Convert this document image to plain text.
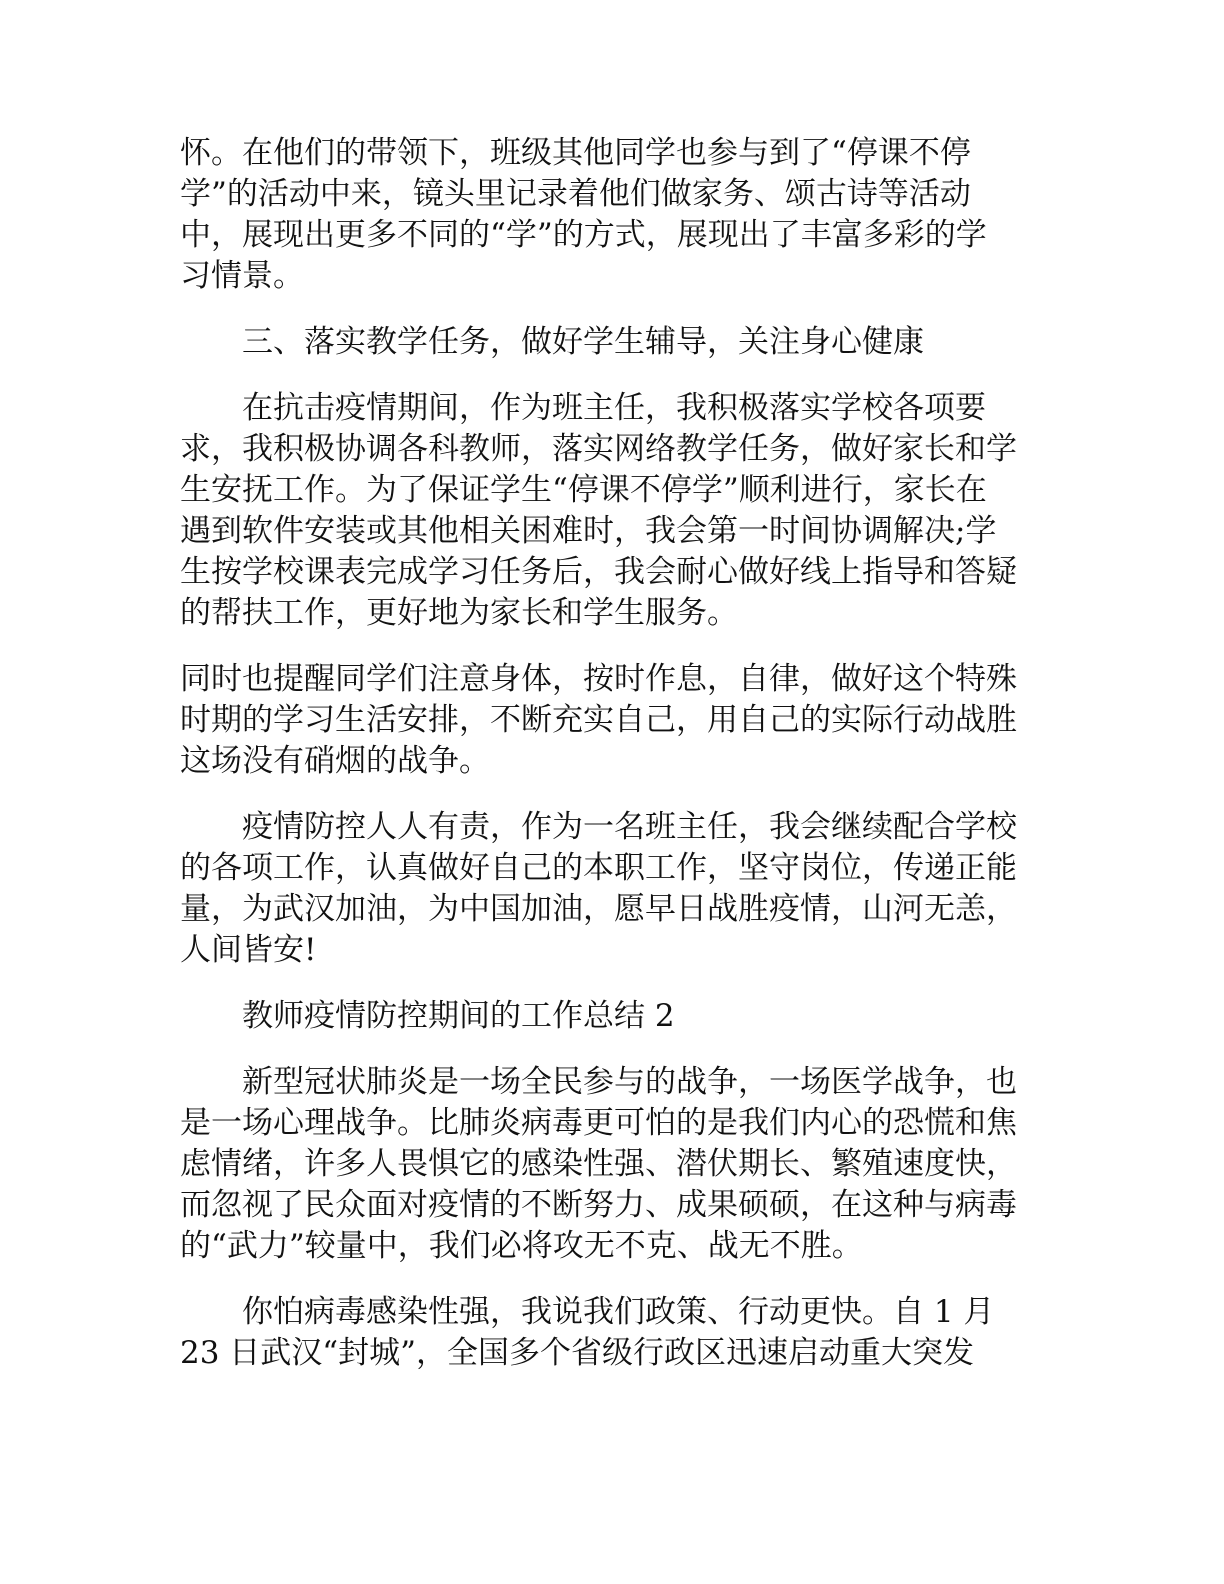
怀。在他们的带领下，班级其他同学也参与到了“停课不停
学”的活动中来，镜头里记录着他们做家务、颂古诗等活动
中，展现出更多不同的“学”的方式，展现出了丰富多彩的学
习情景。
三、落实教学任务，做好学生辅导，关注身心健康
在抗击疫情期间，作为班主任，我积极落实学校各项要
求，我积极协调各科教师，落实网络教学任务，做好家长和学
生安抚工作。为了保证学生“停课不停学”顺利进行，家长在
遇到软件安装或其他相关困难时，我会第一时间协调解决;学
生按学校课表完成学习任务后，我会耐心做好线上指导和答疑
的帮扶工作，更好地为家长和学生服务。
同时也提醒同学们注意身体，按时作息，自律，做好这个特殊
时期的学习生活安排，不断充实自己，用自己的实际行动战胜
这场没有硝烟的战争。
疫情防控人人有责，作为一名班主任，我会继续配合学校
的各项工作，认真做好自己的本职工作，坚守岗位，传递正能
量，为武汉加油，为中国加油，愿早日战胜疫情，山河无恙，
人间皆安!
教师疫情防控期间的工作总结 2
新型冠状肺炎是一场全民参与的战争，一场医学战争，也
是一场心理战争。比肺炎病毒更可怕的是我们内心的恐慌和焦
虑情绪，许多人畏惧它的感染性强、潜伏期长、繁殖速度快，
而忽视了民众面对疫情的不断努力、成果硕硕，在这种与病毒
的“武力”较量中，我们必将攻无不克、战无不胜。
你怕病毒感染性强，我说我们政策、行动更快。自 1 月
23 日武汉“封城”，全国多个省级行政区迅速启动重大突发
